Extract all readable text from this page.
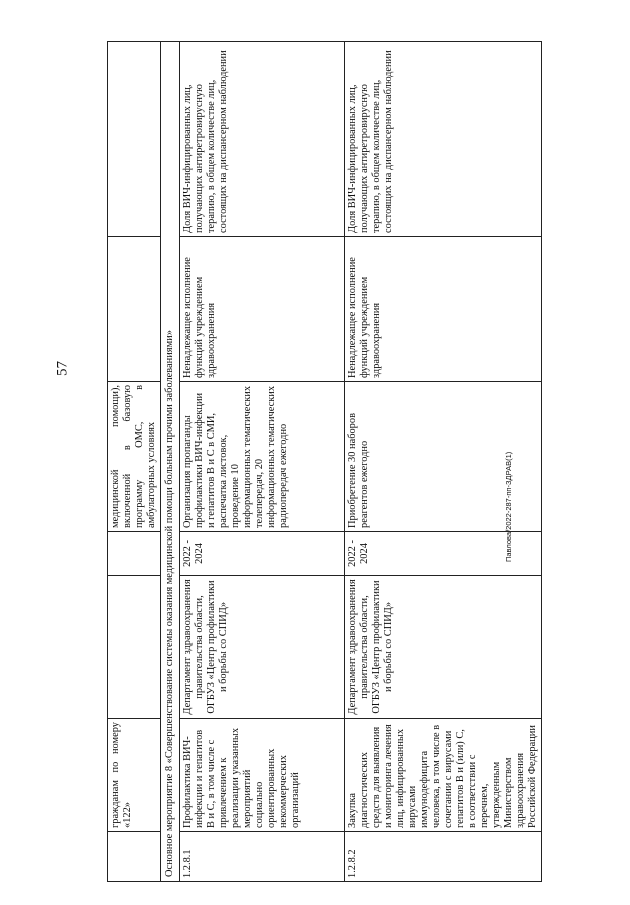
57
Павлова/2022-287-пп-ЗДРАВ(1)
	гражданам по номеру «122»			медицинской помощи), включенной в базовую программу ОМС, в амбулаторных условиях		
Основное мероприятие 8 «Совершенствование системы оказания медицинской помощи больным прочими заболеваниями»						
1.2.8.1	Профилактика ВИЧ-инфекции и гепатитов В и С, в том числе с привлечением к реализации указанных мероприятий социально ориентированных некоммерческих организаций	Департамент здравоохранения правительства области, ОГБУЗ «Центр профилактики и борьбы со СПИД»	2022 - 2024	Организация пропаганды профилактики ВИЧ-инфекции и гепатитов В и С в СМИ, распечатка листовок, проведение 10 информационных тематических телепередач, 20 информационных тематических радиопередач ежегодно	Ненадлежащее исполнение функций учреждением здравоохранения	Доля ВИЧ-инфицированных лиц, получающих антиретровирусную терапию, в общем количестве лиц, состоящих на диспансерном наблюдении
1.2.8.2	Закупка диагностических средств для выявления и мониторинга лечения лиц, инфицированных вирусами иммунодефицита человека, в том числе в сочетании с вирусами гепатитов В и (или) С, в соответствии с перечнем, утвержденным Министерством здравоохранения Российской Федерации	Департамент здравоохранения правительства области, ОГБУЗ «Центр профилактики и борьбы со СПИД»	2022 - 2024	Приобретение 30 наборов реагентов ежегодно	Ненадлежащее исполнение функций учреждением здравоохранения	Доля ВИЧ-инфицированных лиц, получающих антиретровирусную терапию, в общем количестве лиц, состоящих на диспансерном наблюдении
